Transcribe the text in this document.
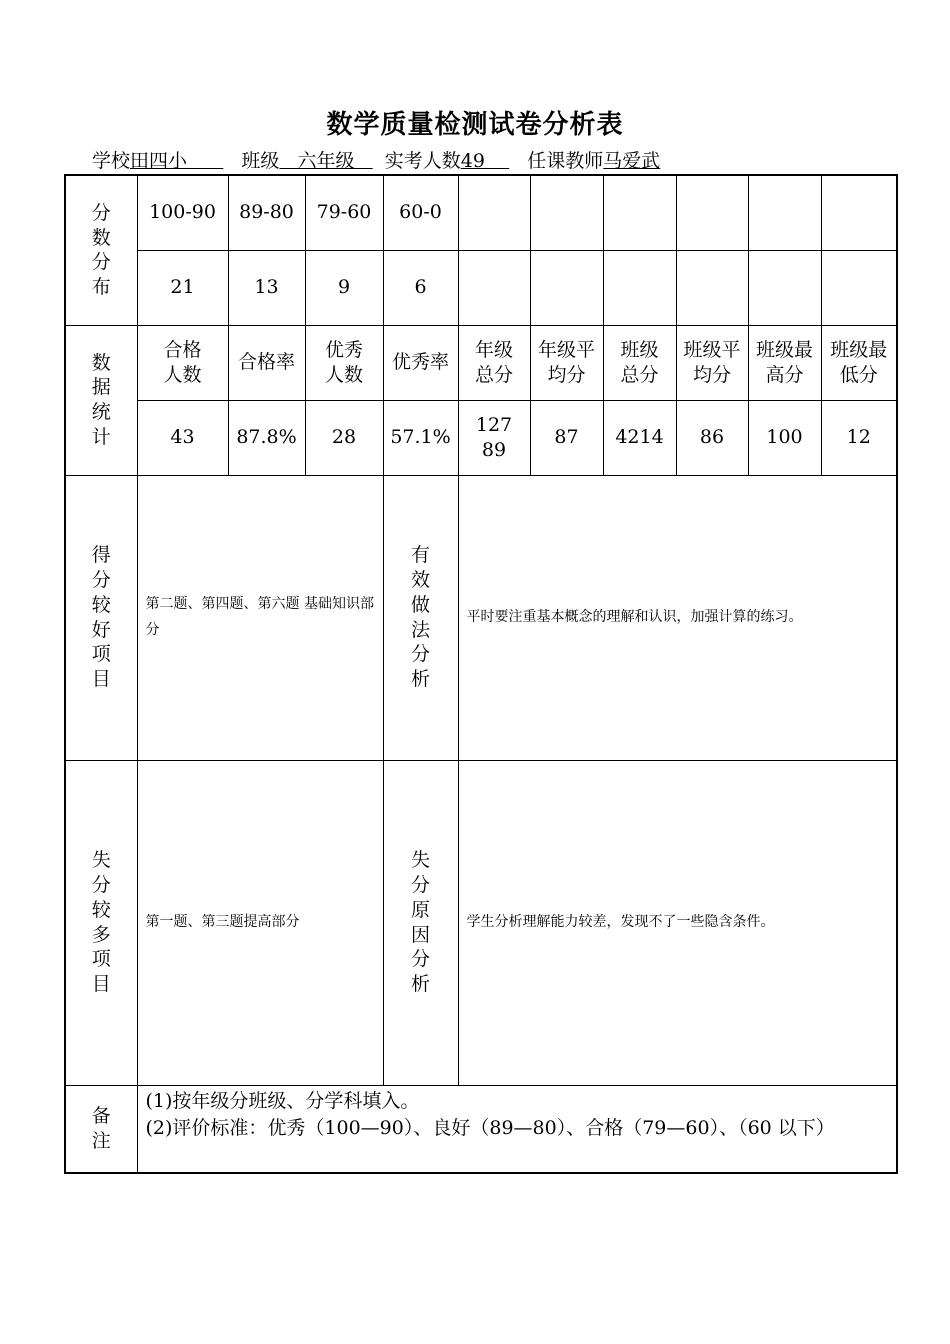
数学质量检测试卷分析表
学校田四小	班级 六年级 实考人数49 任课教师马爱武
分数分布	100-90	89-80	79-60	60-0						
	21	13	9	6						

数据统计	合格人数	合格率	优秀人数	优秀率	年级总分	年级平均分	班级总分	班级平均分	班级最高分	班级最低分

	43	87.8%	28	57.1%	12789	87	4214	86	100	12

得分较好项目	第二题、第四题、第六题 基础知识部分			有效做法分析	平时要注重基本概念的理解和认识，加强计算的练习。					

失分较多项目	第一题、第三题提高部分			失分原因分析	学生分析理解能力较差，发现不了一些隐含条件。					

备注	(1)按年级分班级、分学科填入。
(2)评价标准：优秀（100—90）、良好（89—80）、合格（79—60）、（60 以下）									
